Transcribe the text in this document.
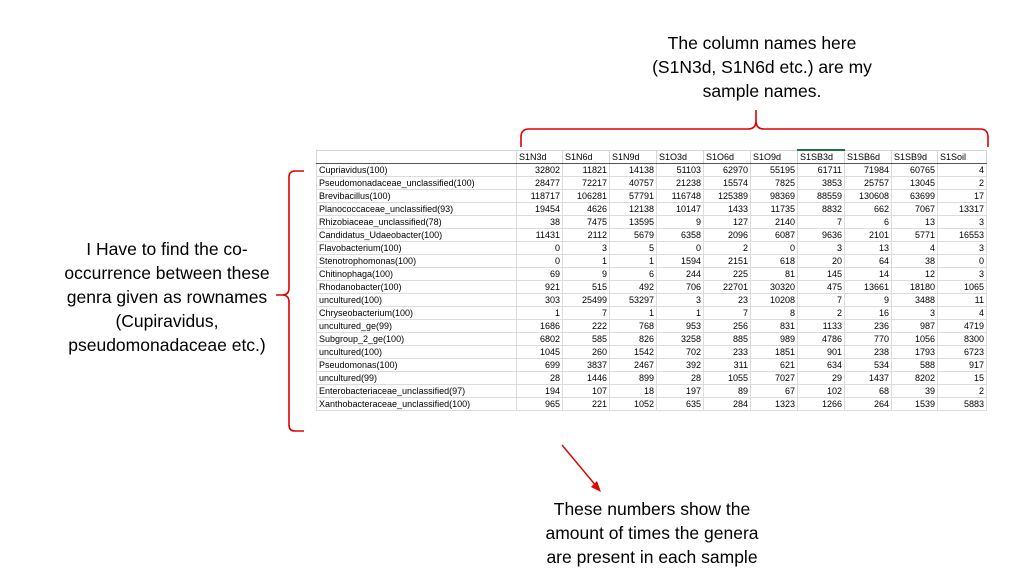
The column names here
(S1N3d, S1N6d etc.) are my
sample names.
I Have to find the co-
occurrence between these
genra given as rownames
(Cupiravidus,
pseudomonadaceae etc.)
These numbers show the
amount of times the genera
are present in each sample
	S1N3d	S1N6d	S1N9d	S1O3d	S1O6d	S1O9d	S1SB3d	S1SB6d	S1SB9d	S1Soil
Cupriavidus(100)	32802	11821	14138	51103	62970	55195	61711	71984	60765	4
Pseudomonadaceae_unclassified(100)	28477	72217	40757	21238	15574	7825	3853	25757	13045	2
Brevibacillus(100)	118717	106281	57791	116748	125389	98369	88559	130608	63699	17
Planococcaceae_unclassified(93)	19454	4626	12138	10147	1433	11735	8832	662	7067	13317
Rhizobiaceae_unclassified(78)	38	7475	13595	9	127	2140	7	6	13	3
Candidatus_Udaeobacter(100)	11431	2112	5679	6358	2096	6087	9636	2101	5771	16553
Flavobacterium(100)	0	3	5	0	2	0	3	13	4	3
Stenotrophomonas(100)	0	1	1	1594	2151	618	20	64	38	0
Chitinophaga(100)	69	9	6	244	225	81	145	14	12	3
Rhodanobacter(100)	921	515	492	706	22701	30320	475	13661	18180	1065
uncultured(100)	303	25499	53297	3	23	10208	7	9	3488	11
Chryseobacterium(100)	1	7	1	1	7	8	2	16	3	4
uncultured_ge(99)	1686	222	768	953	256	831	1133	236	987	4719
Subgroup_2_ge(100)	6802	585	826	3258	885	989	4786	770	1056	8300
uncultured(100)	1045	260	1542	702	233	1851	901	238	1793	6723
Pseudomonas(100)	699	3837	2467	392	311	621	634	534	588	917
uncultured(99)	28	1446	899	28	1055	7027	29	1437	8202	15
Enterobacteriaceae_unclassified(97)	194	107	18	197	89	67	102	68	39	2
Xanthobacteraceae_unclassified(100)	965	221	1052	635	284	1323	1266	264	1539	5883
